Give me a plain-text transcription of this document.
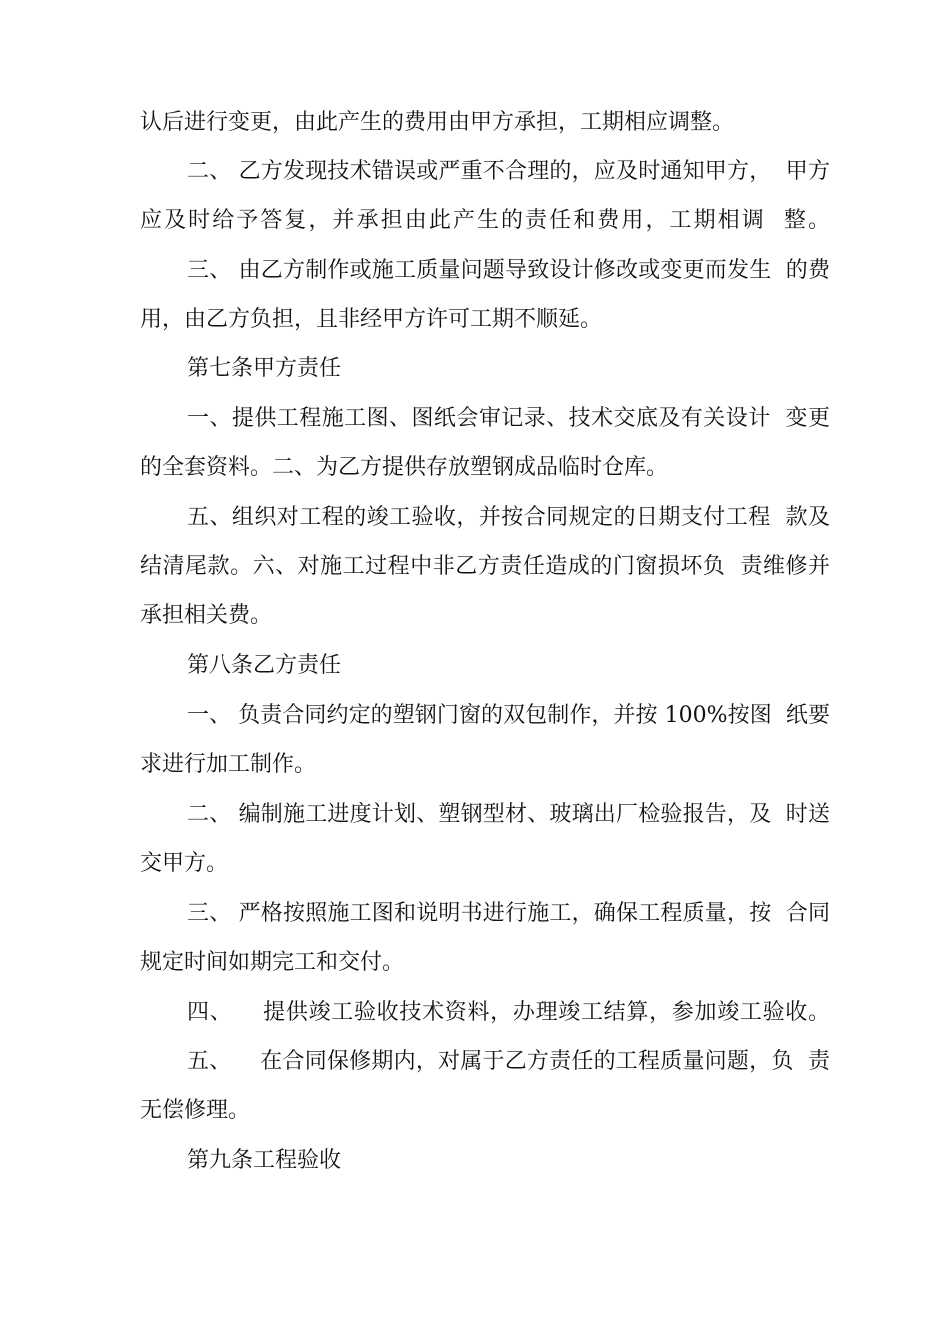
认后进行变更，由此产生的费用由甲方承担，工期相应调整。
二、 乙方发现技术错误或严重不合理的，应及时通知甲方，  甲方
应及时给予答复，并承担由此产生的责任和费用，工期相调  整。
三、 由乙方制作或施工质量问题导致设计修改或变更而发生  的费
用，由乙方负担，且非经甲方许可工期不顺延。
第七条甲方责任
一、提供工程施工图、图纸会审记录、技术交底及有关设计  变更
的全套资料。二、为乙方提供存放塑钢成品临时仓库。
五、组织对工程的竣工验收，并按合同规定的日期支付工程  款及
结清尾款。六、对施工过程中非乙方责任造成的门窗损坏负  责维修并
承担相关费。
第八条乙方责任
一、 负责合同约定的塑钢门窗的双包制作，并按 100%按图  纸要
求进行加工制作。
二、 编制施工进度计划、塑钢型材、玻璃出厂检验报告，及  时送
交甲方。
三、 严格按照施工图和说明书进行施工，确保工程质量，按  合同
规定时间如期完工和交付。
四、    提供竣工验收技术资料，办理竣工结算，参加竣工验收。
五、    在合同保修期内，对属于乙方责任的工程质量问题，负  责
无偿修理。
第九条工程验收
